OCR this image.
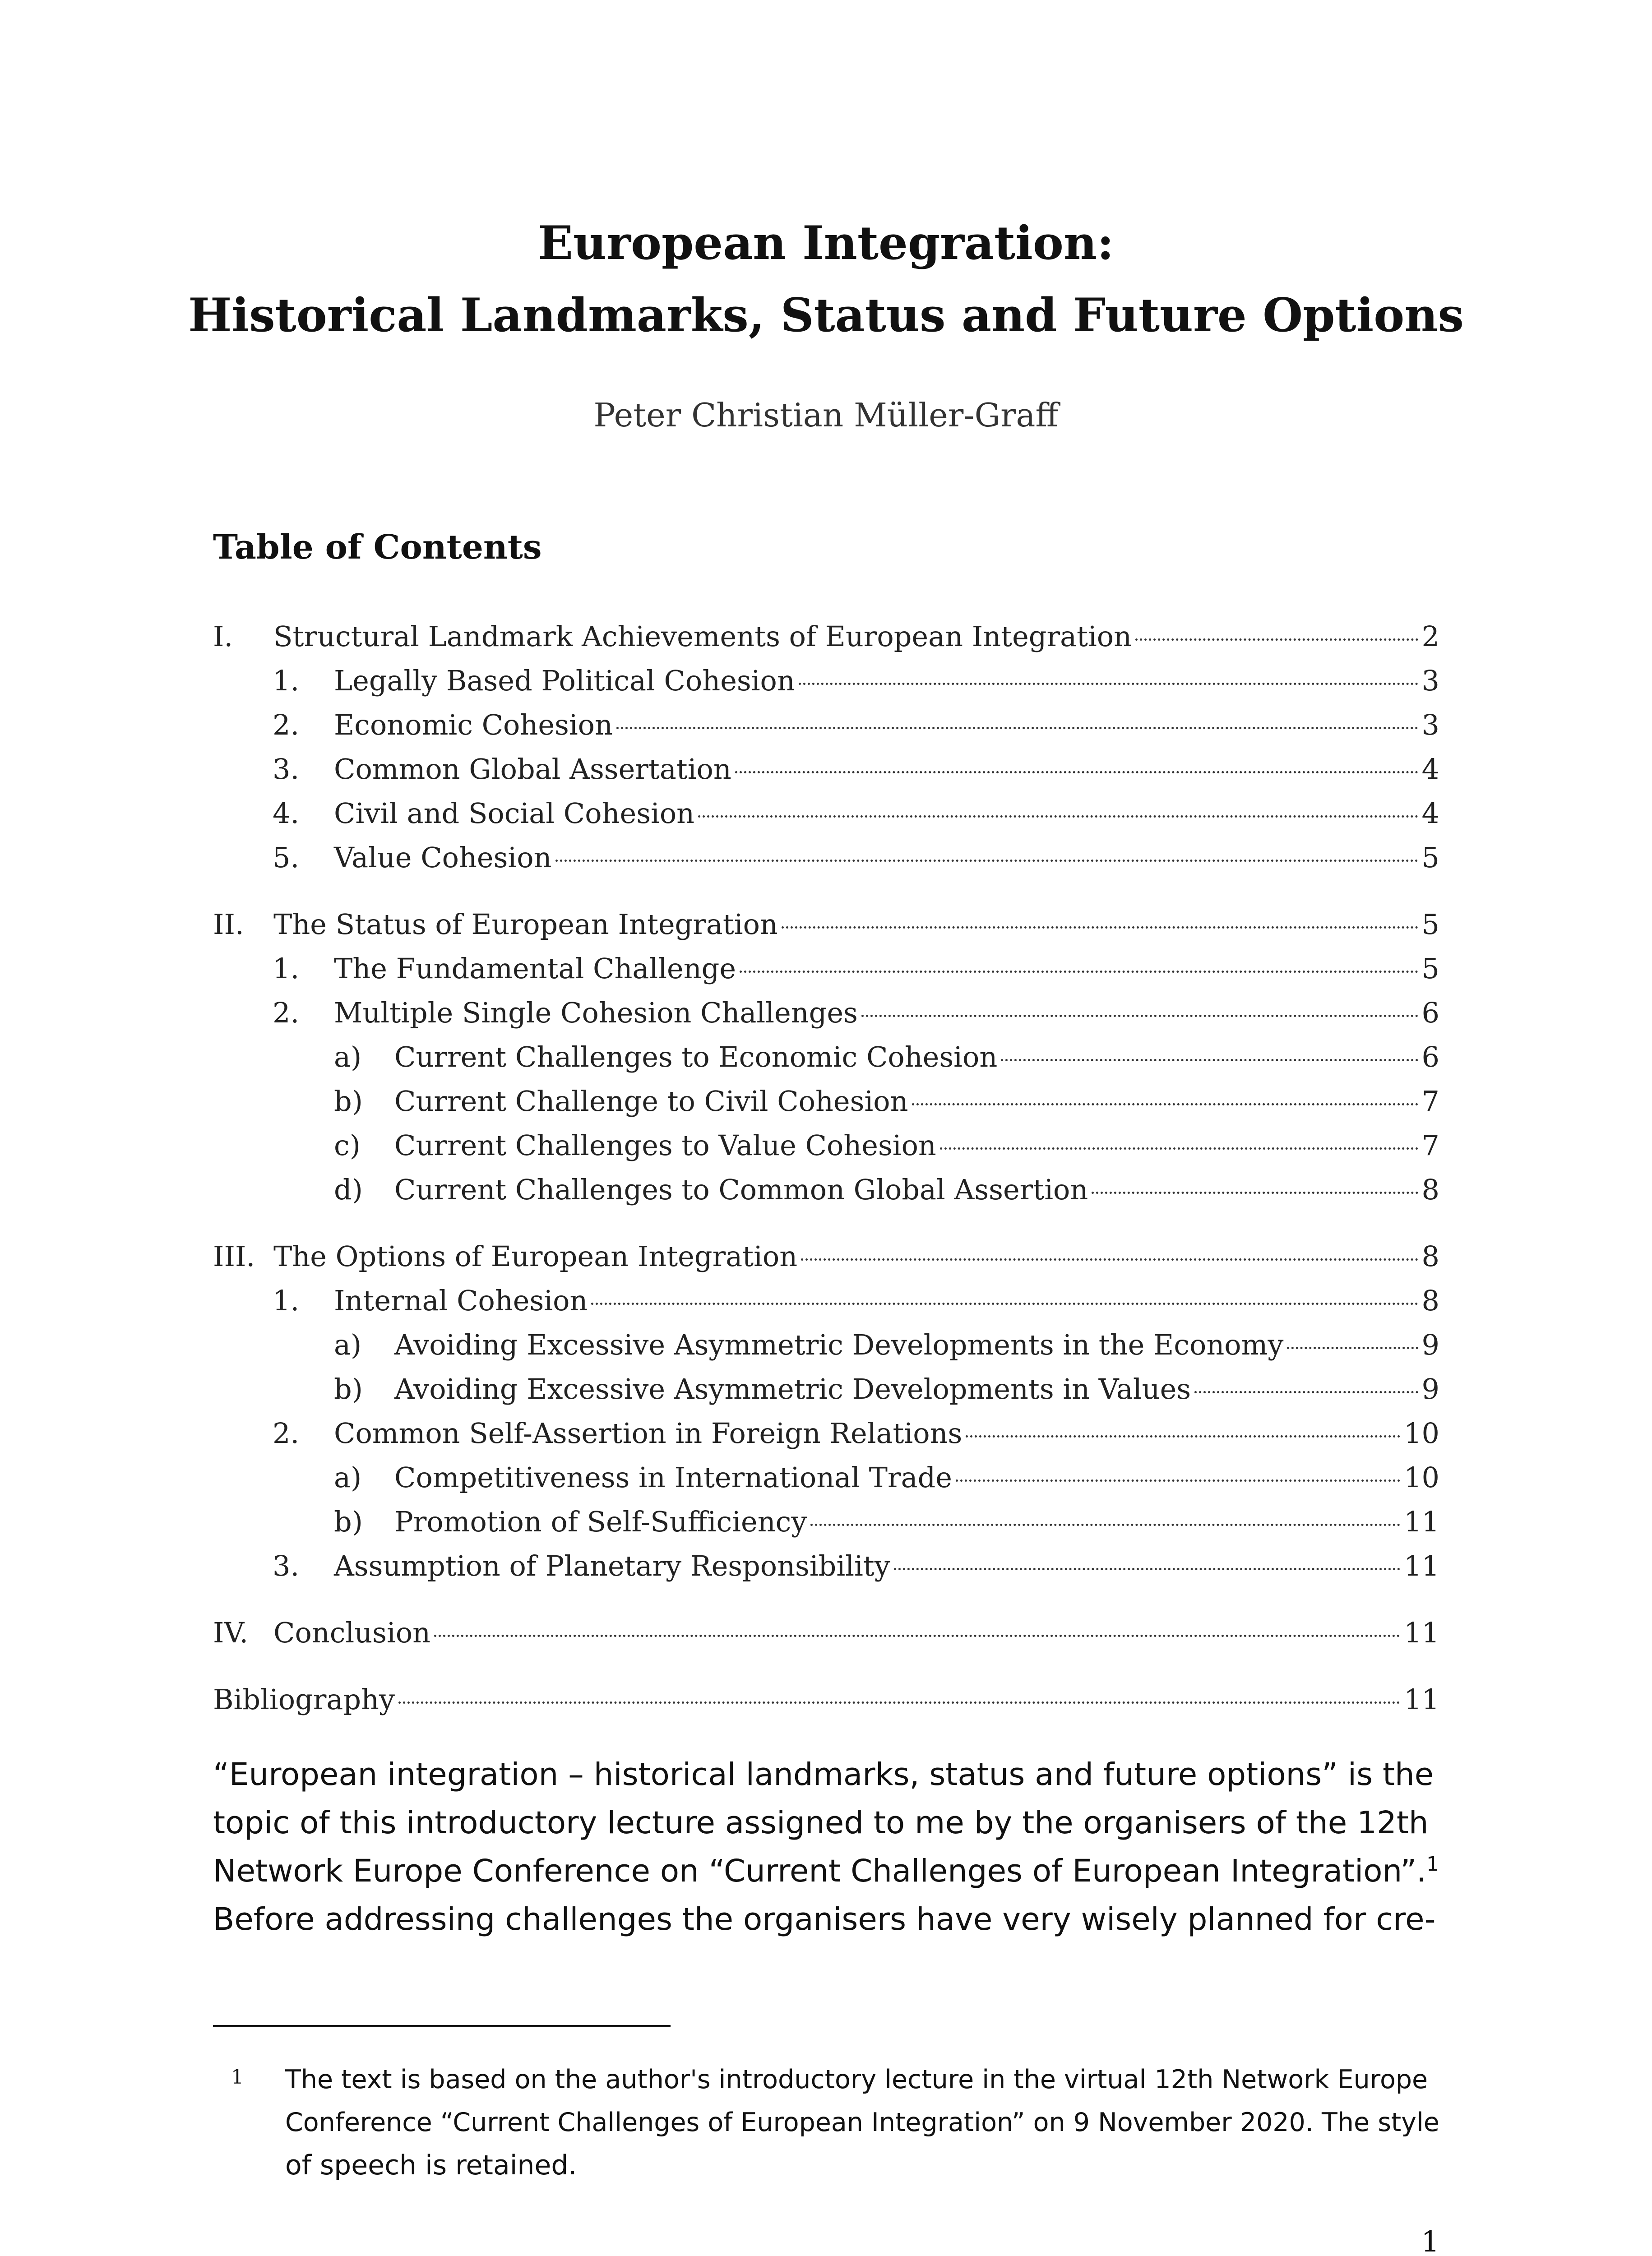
European Integration:
Historical Landmarks, Status and Future Options
Peter Christian Müller-Graff
Table of Contents
I.	Structural Landmark Achievements of European Integration	2
1.	Legally Based Political Cohesion	3
2.	Economic Cohesion	3
3.	Common Global Assertation	4
4.	Civil and Social Cohesion	4
5.	Value Cohesion	5
II.	The Status of European Integration	5
1.	The Fundamental Challenge	5
2.	Multiple Single Cohesion Challenges	6
a)	Current Challenges to Economic Cohesion	6
b)	Current Challenge to Civil Cohesion	7
c)	Current Challenges to Value Cohesion	7
d)	Current Challenges to Common Global Assertion	8
III. The Options of European Integration	8
1.	Internal Cohesion	8
a)	Avoiding Excessive Asymmetric Developments in the Economy	9
b)	Avoiding Excessive Asymmetric Developments in Values	9
2.	Common Self-Assertion in Foreign Relations	10
a)	Competitiveness in International Trade	10
b)	Promotion of Self-Sufficiency	11
3.	Assumption of Planetary Responsibility	11
IV. Conclusion	11
Bibliography	11
“European integration – historical landmarks, status and future options” is the
topic of this introductory lecture assigned to me by the organisers of the 12th
Network Europe Conference on “Current Challenges of European Integration”.$^1$
Before addressing challenges the organisers have very wisely planned for cre-
1 The text is based on the author's introductory lecture in the virtual 12th Network Europe
Conference “Current Challenges of European Integration” on 9 November 2020. The style
of speech is retained.
1
